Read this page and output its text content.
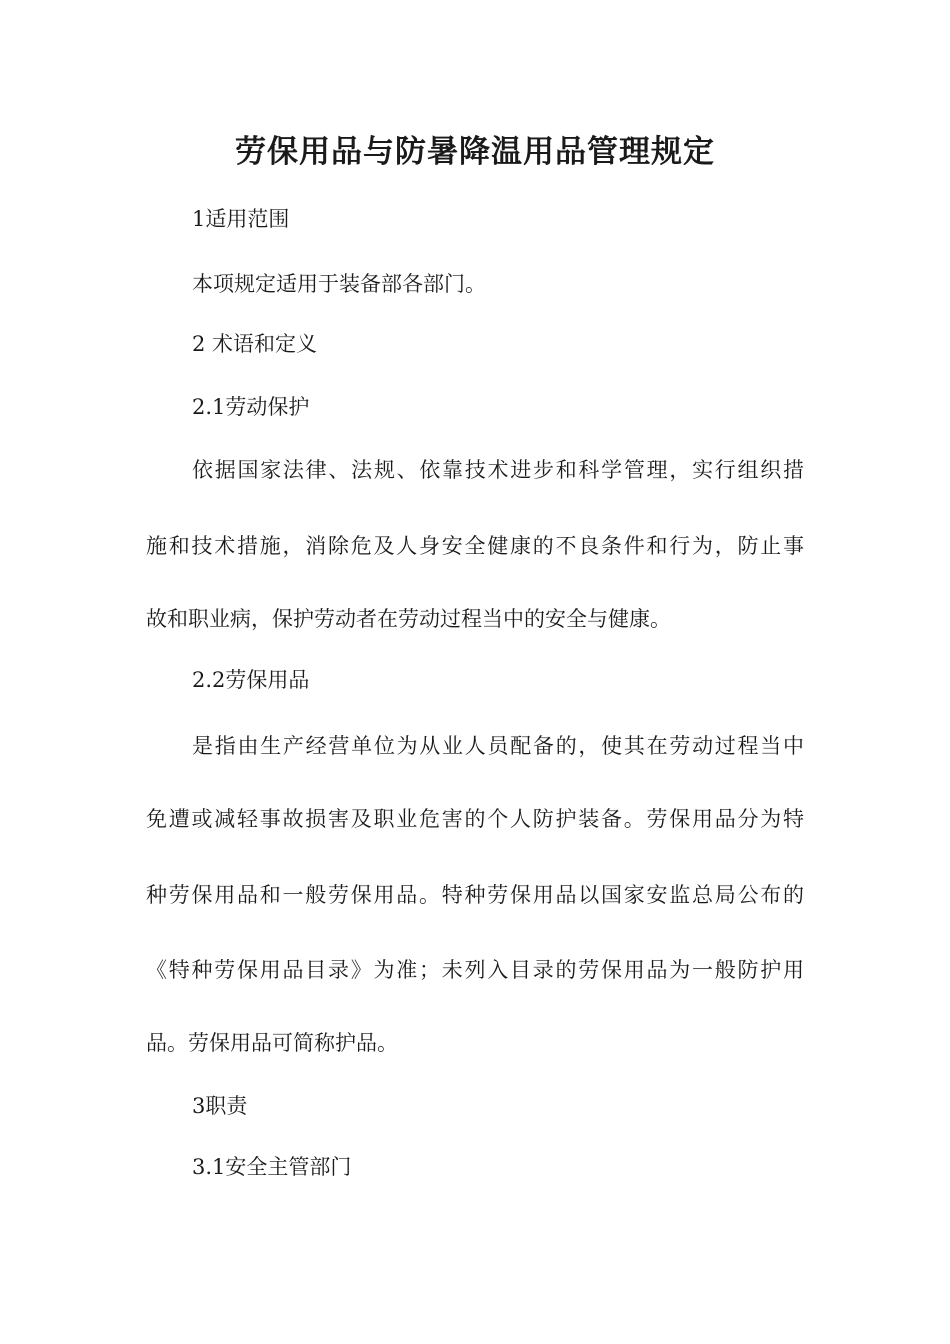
劳保用品与防暑降温用品管理规定

1适用范围

本项规定适用于装备部各部门。

2 术语和定义

2.1劳动保护

依据国家法律、法规、依靠技术进步和科学管理，实行组织措

施和技术措施，消除危及人身安全健康的不良条件和行为，防止事

故和职业病，保护劳动者在劳动过程当中的安全与健康。

2.2劳保用品

是指由生产经营单位为从业人员配备的，使其在劳动过程当中

免遭或减轻事故损害及职业危害的个人防护装备。劳保用品分为特

种劳保用品和一般劳保用品。特种劳保用品以国家安监总局公布的

《特种劳保用品目录》为准；未列入目录的劳保用品为一般防护用

品。劳保用品可简称护品。

3职责

3.1安全主管部门
